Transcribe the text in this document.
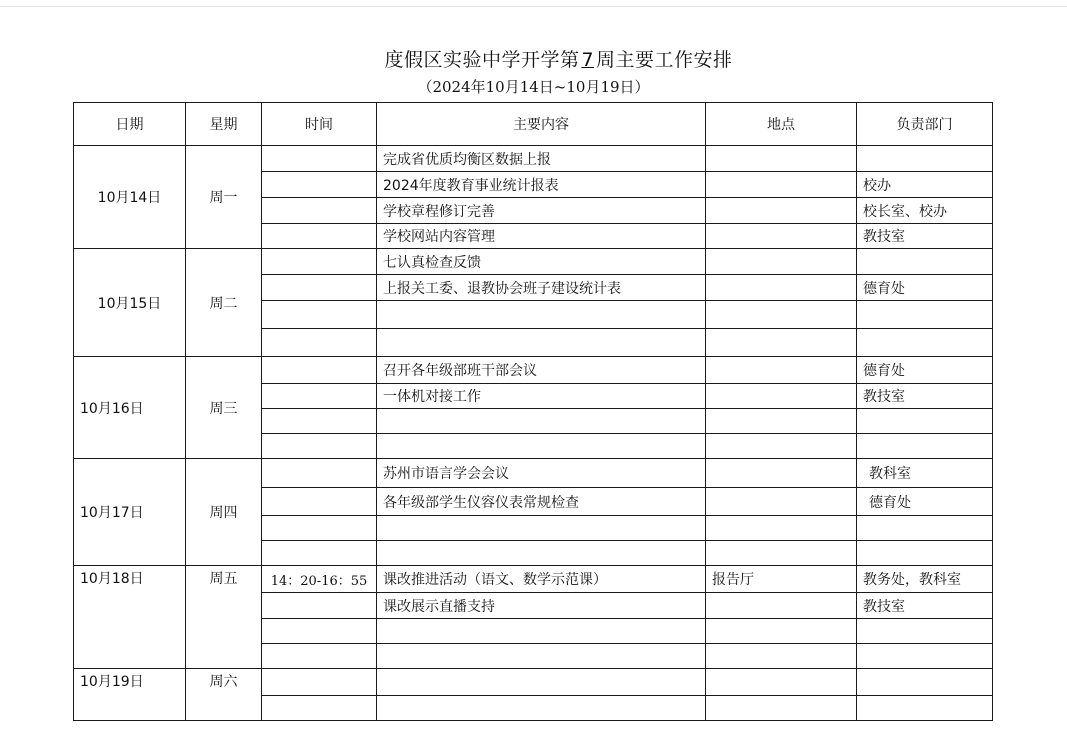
度假区实验中学开学第 7 周主要工作安排
（2024年10月14日~10月19日）
日期	星期	时间	主要内容	地点	负责部门
10月14日	周一		完成省优质均衡区数据上报		
			2024年度教育事业统计报表		校办
			学校章程修订完善		校长室、校办
			学校网站内容管理		教技室
10月15日	周二		七认真检查反馈		
			上报关工委、退教协会班子建设统计表		德育处

10月16日	周三		召开各年级部班干部会议		德育处
			一体机对接工作		教技室

10月17日	周四		苏州市语言学会会议		教科室
			各年级部学生仪容仪表常规检查		德育处

10月18日	周五	14：20-16：55	课改推进活动（语文、数学示范课）	报告厅	教务处，教科室
			课改展示直播支持		教技室

10月19日	周六				
